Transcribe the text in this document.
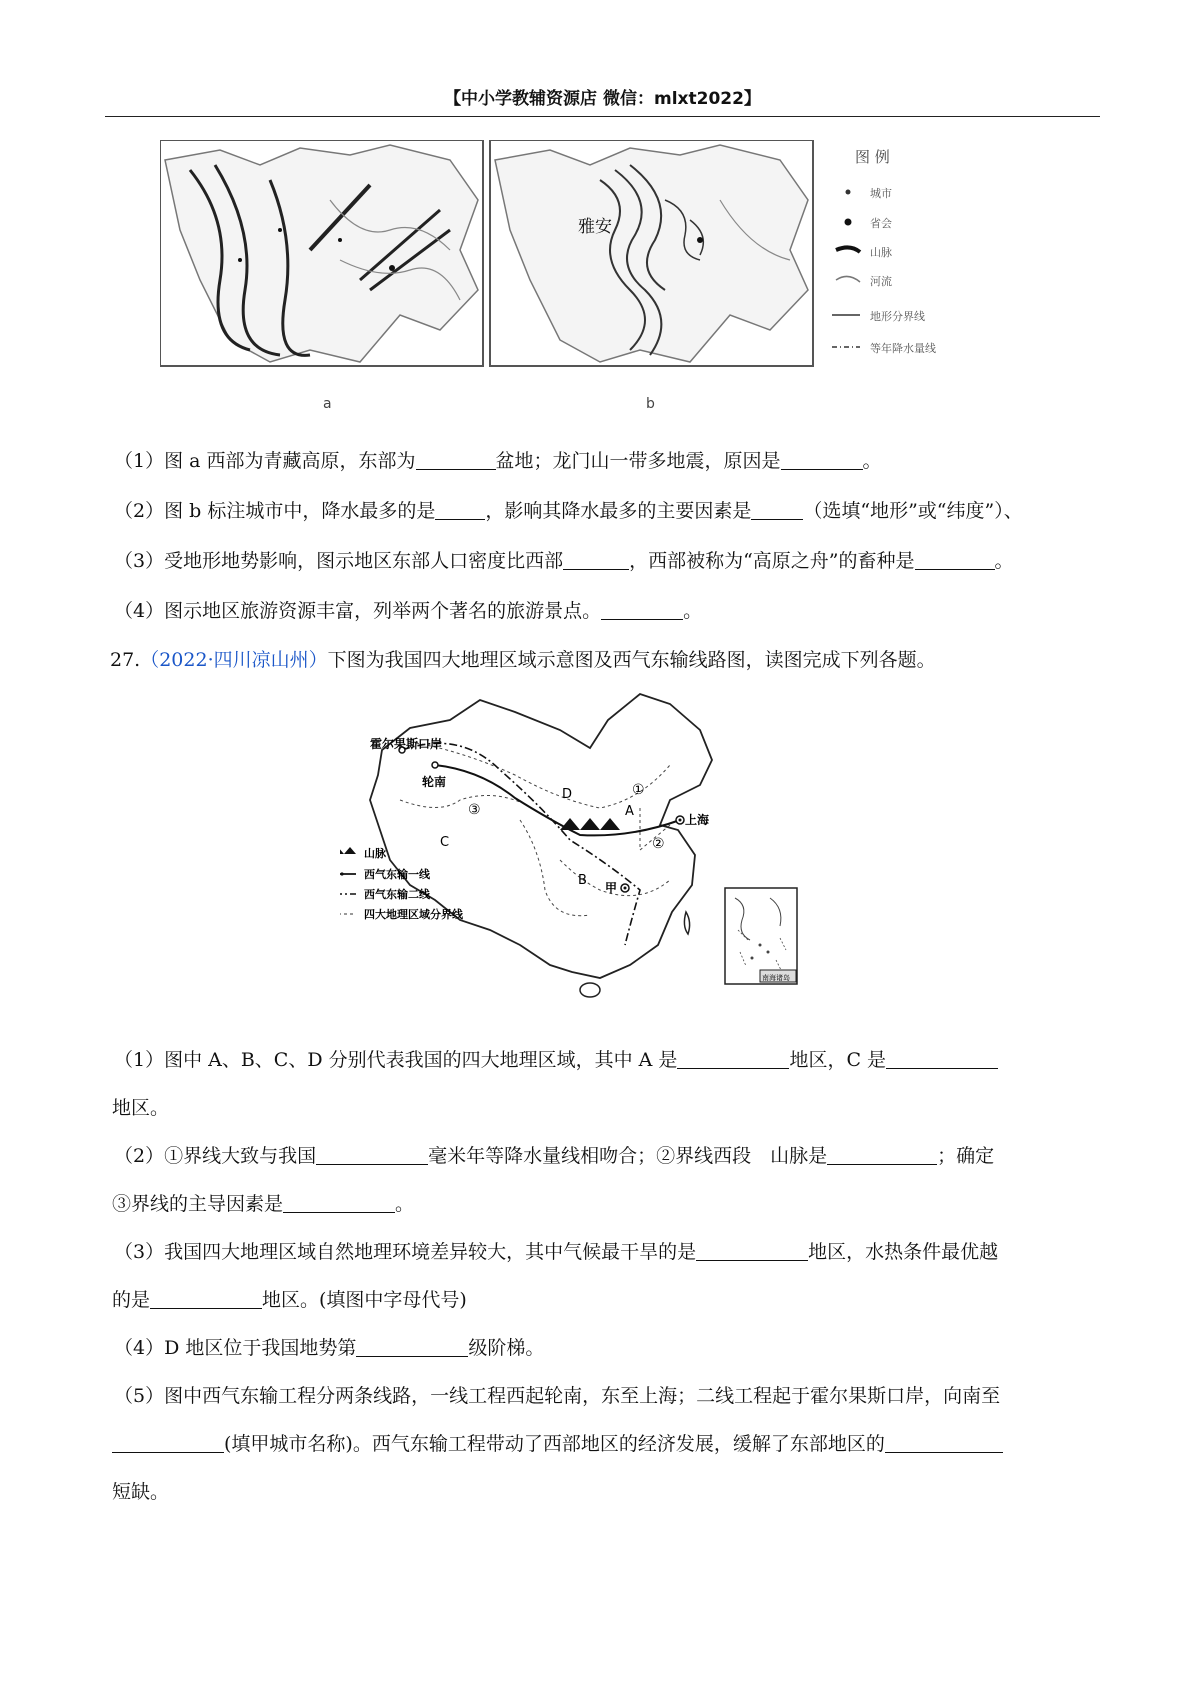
【中小学教辅资源店 微信：mlxt2022】
雅安
图 例
城市
省会
山脉
河流
地形分界线
等年降水量线
a	b
（1）图 a 西部为青藏高原，东部为	盆地；龙门山一带多地震，原因是	。
（2）图 b 标注城市中，降水最多的是	，影响其降水最多的主要因素是	（选填“地形”或“纬度”）、
（3）受地形地势影响，图示地区东部人口密度比西部	，西部被称为“高原之舟”的畜种是	。
（4）图示地区旅游资源丰富，列举两个著名的旅游景点。	。
27.（2022·四川凉山州）下图为我国四大地理区域示意图及西气东输线路图，读图完成下列各题。
霍尔果斯口岸
轮南
③
①
②
D
A
C
B
上海
甲
山脉
西气东输一线
西气东输二线
四大地理区域分界线
南海诸岛
（1）图中 A、B、C、D 分别代表我国的四大地理区域，其中 A 是	地区，C 是
地区。
（2）①界线大致与我国	毫米年等降水量线相吻合；②界线西段　山脉是	；确定
③界线的主导因素是	。
（3）我国四大地理区域自然地理环境差异较大，其中气候最干旱的是	地区，水热条件最优越
的是	地区。(填图中字母代号)
（4）D 地区位于我国地势第	级阶梯。
（5）图中西气东输工程分两条线路，一线工程西起轮南，东至上海；二线工程起于霍尔果斯口岸，向南至
(填甲城市名称)。西气东输工程带动了西部地区的经济发展，缓解了东部地区的
短缺。
